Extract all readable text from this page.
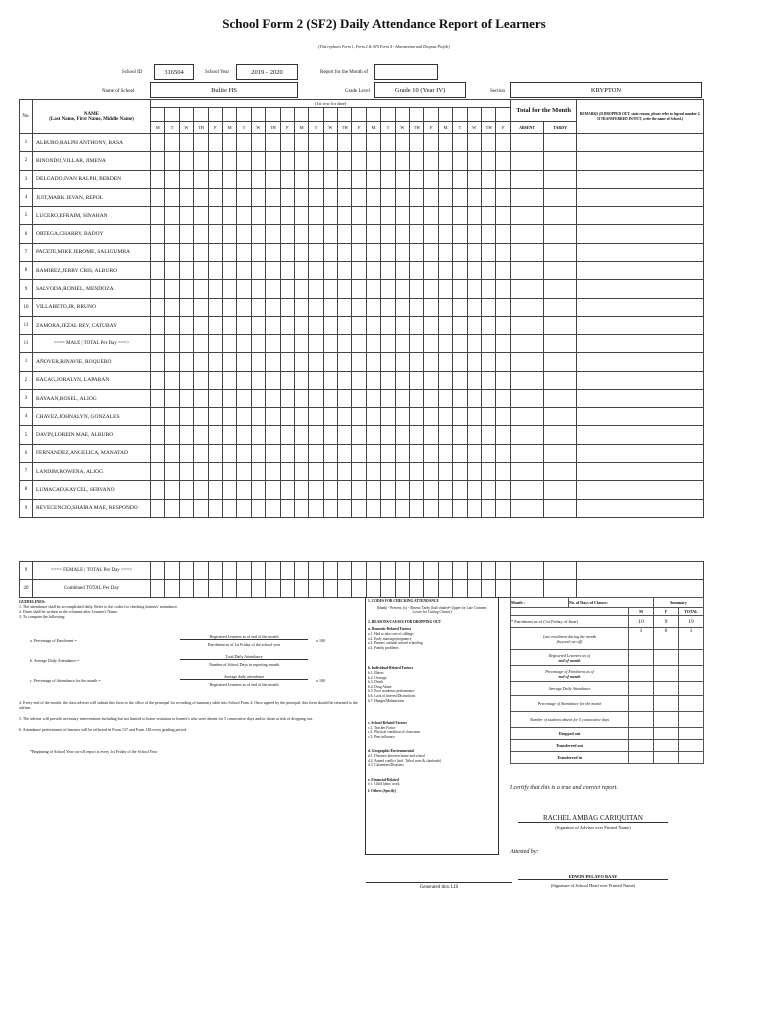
School Form 2 (SF2) Daily Attendance Report of Learners
(This replaces Form 1, Form 2 & STS Form 4 - Absenteeism and Dropout Profile)
School ID	316504	School Year	2019 - 2020	Report for the Month of
Name of School	Bulite HS	Grade Level	Grade 10 (Year IV)	Section	KRYPTON
No.	NAME
(Last Name, First Name, Middle Name)	(1st row for date)																									Total for the Month		REMARKS (If DROPPED OUT, state reason, please refer to legend number 2. If TRANSFERRED IN/OUT, write the name of School.)

		M	T	W	TH	F	M	T	W	TH	F	M	T	W	TH	F	M	T	W	TH	F	M	T	W	TH	F	ABSENT	TARDY	
1	ALBURO,RALPH ANTHONY, BASA																												
2	BINONDO,VILLAR, JIMENA																												
3	DELGADO,IVAN RALPH, BERDEN																												
4	JUIT,MARK JEVAN, REPOL																												
5	LUCERO,EFRAIM, SINAHAN																												
6	ORTEGA,CHARRY, BADOY																												
7	PACETE,MIKE JEROME, SALIGUMBA																												
8	RAMIREZ,JERRY CRIS, ALBURO																												
9	SALVODA,RONIEL, MENDOZA																												
10	VILLABETO,JR, BRUNO																												
11	ZAMORA,JEZAL REY, CATUBAY																												
11	<=== MALE | TOTAL Per Day ===>																												
1	AÑOVER,RINAVIE, ROQUERO																												
2	BACAG,JORALYN, LAPARAN																												
3	BAYAAN,ROSEL, ALIOG																												
4	CHAVEZ,JOHNALYN, GONZALES																												
5	DAVIN,LOREIN MAE, ALBURO																												
6	FERNANDEZ,ANGELICA, MANATAD																												
7	LANDIM,ROWENA, ALIOG																												
8	LUMACAD,KAYCEL, SERVANO																												
9	REVECENCIO,SHAIRA MAE, RESPONDO																												
9	<=== FEMALE | TOTAL Per Day ===>																												
20	Combined TOTAL Per Day																												
GUIDELINES:
1. The attendance shall be accomplished daily. Refer to the codes for checking learners' attendance.
2. Dates shall be written in the columns after Learner's Name.
3. To compute the following:
a. Percentage of Enrolment =
Registered Learners as of end of the month
Enrolment as of 1st Friday of the school year
x 100
b. Average Daily Attendance =
Total Daily Attendance
Number of School Days in reporting month
c. Percentage of Attendance for the month =
Average daily attendance
Registered Learners as of end of the month
x 100
4. Every end of the month, the class adviser will submit this form to the office of the principal for recording of summary table into School Form 4. Once signed by the principal, this form should be returned to the adviser.
5. The adviser will provide necessary interventions including but not limited to home visitation to learner's who were absent for 5 consecutive days and/or those at risk of dropping out.
6. Attendance performance of learners will be reflected in Form 137 and Form 138 every grading period.
*Beginning of School Year cut-off report is every 1st Friday of the School Year
1. CODES FOR CHECKING ATTENDANCE
(blank) - Present; (x) - Absent; Tardy (half shaded= Upper for Late Commer, Lower for Cutting Classes)
2. REASONS/CAUSES FOR DROPPING OUT
a. Domestic-Related Factors
a.1. Had to take care of siblings
a.2. Early marriage/pregnancy
a.3. Parents' attitude toward schooling
a.4. Family problems
b. Individual-Related Factors
b.1. Illness
b.2. Overage
b.3. Death
b.4. Drug Abuse
b.5. Poor academic performance
b.6. Lack of interest/Distractions
b.7. Hunger/Malnutrition
c. School-Related Factors
c.1. Teacher Factor
c.2. Physical condition of classroom
c.3. Peer influence
d. Geographic/Environmental
d.1. Distance between home and school
d.2. Armed conflict (incl. Tribal wars & clanfeuds)
d.3. Calamities/Disasters
e. Financial-Related
e.1. Child labor, work
f. Others (Specify)
Month :	No. of Days of Classes:		Summary	
		M	F	TOTAL
* Enrolment as of (1st Friday of June)		10	9	19

Late enrolment during the month
(beyond cut-off)		1	0	1

Registered Learners as of
end of month				

Percentage of Enrolment as of
end of month				

Average Daily Attendance				
Percentage of Attendance for the month				
Number of students absent for 5 consecutive days				
Dropped out				
Transferred out				
Transferred in				
I certify that this is a true and correct report.
RACHEL AMBAG CARIQUITAN
(Signature of Adviser over Printed Name)
Attested by:
EDWIN PELAYO BAAY
(Signature of School Head over Printed Name)
Generated thru LIS
